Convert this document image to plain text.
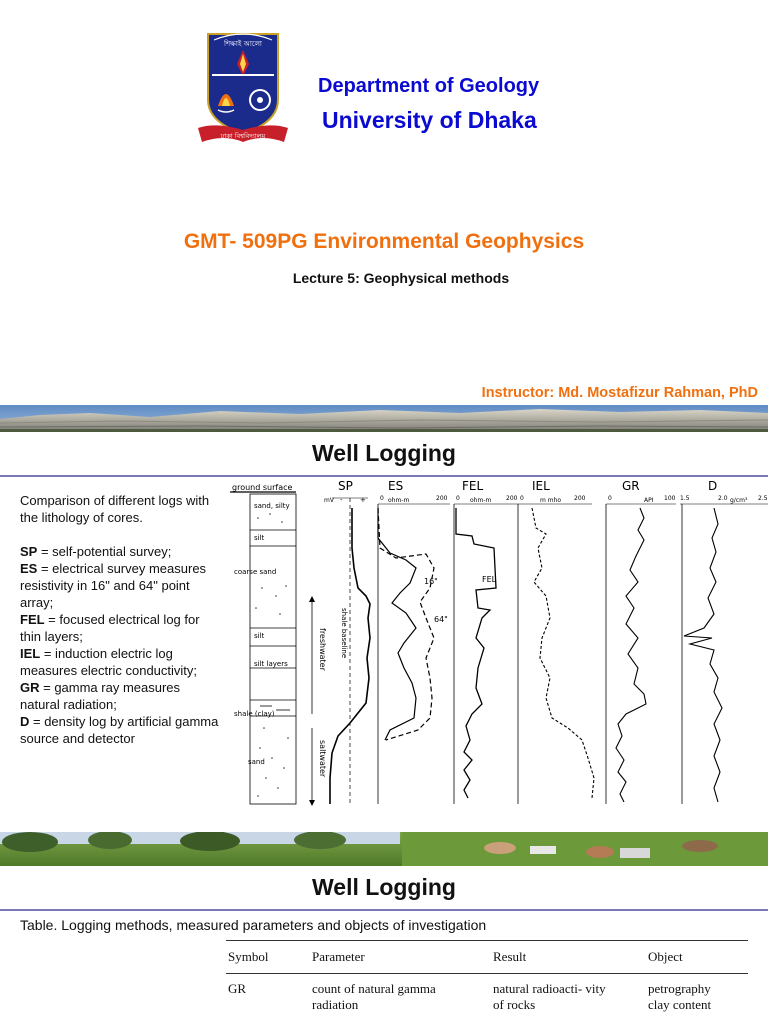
শিক্ষাই আলো
ঢাকা বিশ্ববিদ্যালয়
Department of Geology
University of Dhaka
GMT- 509PG Environmental Geophysics
Lecture 5: Geophysical methods
Instructor: Md. Mostafizur Rahman, PhD
Well Logging
Comparison of different logs with the lithology of cores.
SP = self-potential survey;
ES = electrical survey measures resistivity in 16" and 64" point array;
FEL = focused electrical log for thin layers;
IEL = induction electric log measures electric conductivity;
GR = gamma ray measures natural radiation;
D = density log by artificial gamma source and detector
ground surface
sand, silty
silt
coarse sand
silt
silt layers
shale (clay)
sand
freshwater
saltwater
SP
mV - +
shale baseline
ES
ohm-m
0	200
16"
64"
FEL
ohm-m
0	200
FEL
IEL
m mho
0	200
GR
API
0	100
D
g/cm³
1.5	2.0	2.5
Well Logging
Table. Logging methods, measured parameters and objects of investigation
Symbol	Parameter	Result	Object
GR	count of natural gamma radiation	natural radioacti- vity of rocks	petrography clay content
